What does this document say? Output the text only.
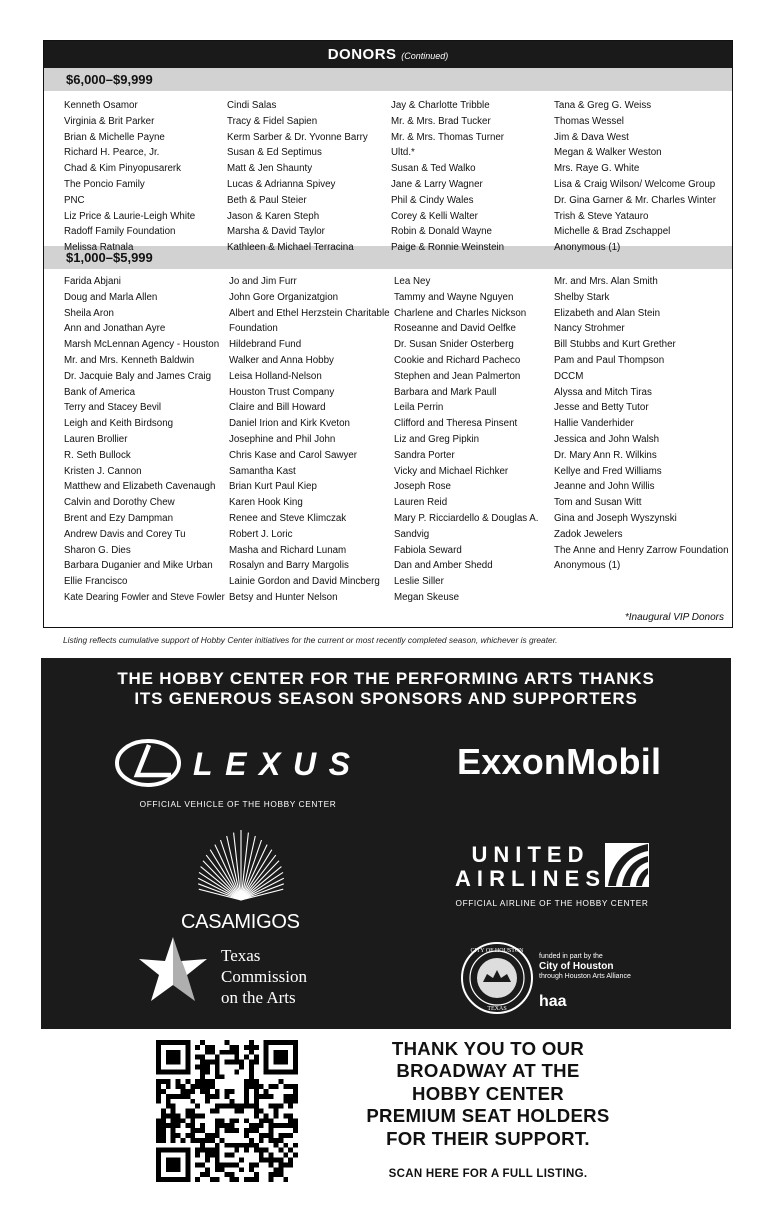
DONORS (Continued)
$6,000–$9,999
Kenneth Osamor
Virginia & Brit Parker
Brian & Michelle Payne
Richard H. Pearce, Jr.
Chad & Kim Pinyopusarerk
The Poncio Family
PNC
Liz Price & Laurie-Leigh White
Radoff Family Foundation
Melissa Ratnala
Cindi Salas
Tracy & Fidel Sapien
Kerm Sarber & Dr. Yvonne Barry
Susan & Ed Septimus
Matt & Jen Shaunty
Lucas & Adrianna Spivey
Beth & Paul Steier
Jason & Karen Steph
Marsha & David Taylor
Kathleen & Michael Terracina
Jay & Charlotte Tribble
Mr. & Mrs. Brad Tucker
Mr. & Mrs. Thomas Turner
Ultd.*
Susan & Ted Walko
Jane & Larry Wagner
Phil & Cindy Wales
Corey & Kelli Walter
Robin & Donald Wayne
Paige & Ronnie Weinstein
Tana & Greg G. Weiss
Thomas Wessel
Jim & Dava West
Megan & Walker Weston
Mrs. Raye G. White
Lisa & Craig Wilson/ Welcome Group
Dr. Gina Garner & Mr. Charles Winter
Trish & Steve Yatauro
Michelle & Brad Zschappel
Anonymous (1)
$1,000–$5,999
Farida Abjani
Doug and Marla Allen
Sheila Aron
Ann and Jonathan Ayre
Marsh McLennan Agency - Houston
Mr. and Mrs. Kenneth Baldwin
Dr. Jacquie Baly and James Craig
Bank of America
Terry and Stacey Bevil
Leigh and Keith Birdsong
Lauren Brollier
R. Seth Bullock
Kristen J. Cannon
Matthew and Elizabeth Cavenaugh
Calvin and Dorothy Chew
Brent and Ezy Dampman
Andrew Davis and Corey Tu
Sharon G. Dies
Barbara Duganier and Mike Urban
Ellie Francisco
Kate Dearing Fowler and Steve Fowler
Jo and Jim Furr
John Gore Organizatgion
Albert and Ethel Herzstein Charitable
Foundation
Hildebrand Fund
Walker and Anna Hobby
Leisa Holland-Nelson
Houston Trust Company
Claire and Bill Howard
Daniel Irion and Kirk Kveton
Josephine and Phil John
Chris Kase and Carol Sawyer
Samantha Kast
Brian Kurt Paul Kiep
Karen Hook King
Renee and Steve Klimczak
Robert J. Loric
Masha and Richard Lunam
Rosalyn and Barry Margolis
Lainie Gordon and David Mincberg
Betsy and Hunter Nelson
Lea Ney
Tammy and Wayne Nguyen
Charlene and Charles Nickson
Roseanne and David Oelfke
Dr. Susan Snider Osterberg
Cookie and Richard Pacheco
Stephen and Jean Palmerton
Barbara and Mark Paull
Leila Perrin
Clifford and Theresa Pinsent
Liz and Greg Pipkin
Sandra Porter
Vicky and Michael Richker
Joseph Rose
Lauren Reid
Mary P. Ricciardello & Douglas A.
Sandvig
Fabiola Seward
Dan and Amber Shedd
Leslie Siller
Megan Skeuse
Mr. and Mrs. Alan Smith
Shelby Stark
Elizabeth and Alan Stein
Nancy Strohmer
Bill Stubbs and Kurt Grether
Pam and Paul Thompson
DCCM
Alyssa and Mitch Tiras
Jesse and Betty Tutor
Hallie Vanderhider
Jessica and John Walsh
Dr. Mary Ann R. Wilkins
Kellye and Fred Williams
Jeanne and John Willis
Tom and Susan Witt
Gina and Joseph Wyszynski
Zadok Jewelers
The Anne and Henry Zarrow Foundation
Anonymous (1)
*Inaugural VIP Donors
Listing reflects cumulative support of Hobby Center initiatives for the current or most recently completed season, whichever is greater.
THE HOBBY CENTER FOR THE PERFORMING ARTS THANKS
ITS GENEROUS SEASON SPONSORS AND SUPPORTERS
LEXUS
OFFICIAL VEHICLE OF THE HOBBY CENTER
ExxonMobil

CASAMIGOS
UNITED
AIRLINES
OFFICIAL AIRLINE OF THE HOBBY CENTER
Texas
Commission
on the Arts
CITY OF HOUSTON
TEXAS
funded in part by the
City of Houston
through Houston Arts Alliance
haa
THANK YOU TO OUR
BROADWAY AT THE
HOBBY CENTER
PREMIUM SEAT HOLDERS
FOR THEIR SUPPORT.
SCAN HERE FOR A FULL LISTING.
